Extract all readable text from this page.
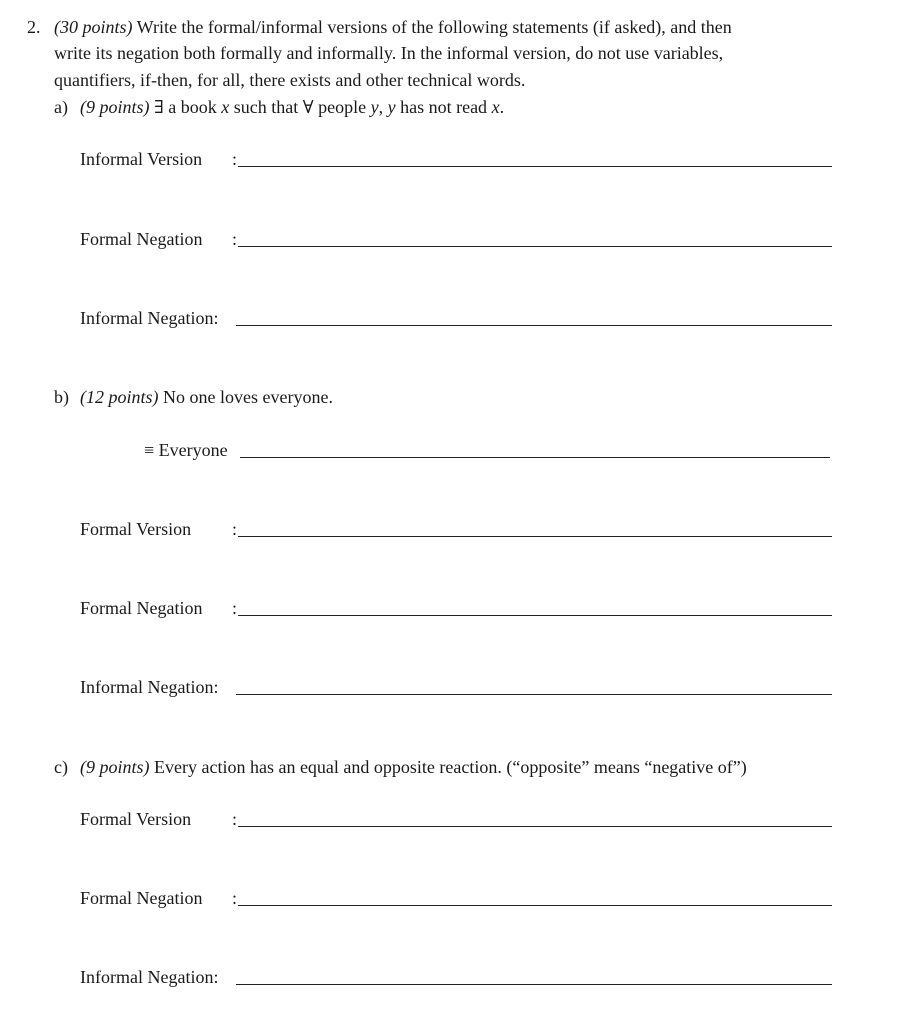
2. (30 points) Write the formal/informal versions of the following statements (if asked), and then
write its negation both formally and informally. In the informal version, do not use variables,
quantifiers, if-then, for all, there exists and other technical words.
a) (9 points) ∃ a book x such that ∀ people y, y has not read x.
Informal Version :
Formal Negation :
Informal Negation:
b) (12 points) No one loves everyone.
≡ Everyone
Formal Version :
Formal Negation :
Informal Negation:
c) (9 points) Every action has an equal and opposite reaction. (“opposite” means “negative of”)
Formal Version :
Formal Negation :
Informal Negation:
